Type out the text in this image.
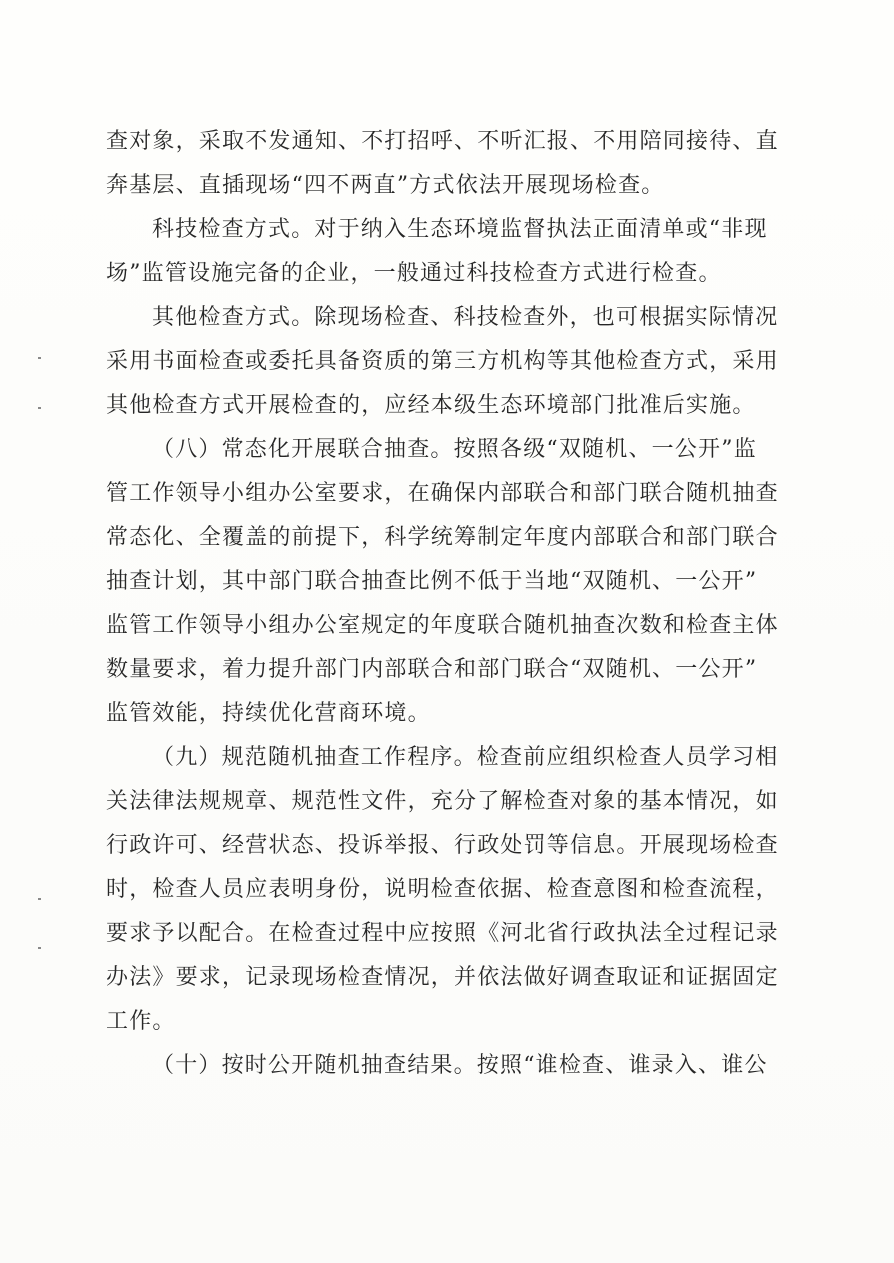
查对象，采取不发通知、不打招呼、不听汇报、不用陪同接待、直
奔基层、直插现场“四不两直”方式依法开展现场检查。
科技检查方式。对于纳入生态环境监督执法正面清单或“非现
场”监管设施完备的企业，一般通过科技检查方式进行检查。
其他检查方式。除现场检查、科技检查外，也可根据实际情况
采用书面检查或委托具备资质的第三方机构等其他检查方式，采用
其他检查方式开展检查的，应经本级生态环境部门批准后实施。
（八）常态化开展联合抽查。按照各级“双随机、一公开”监
管工作领导小组办公室要求，在确保内部联合和部门联合随机抽查
常态化、全覆盖的前提下，科学统筹制定年度内部联合和部门联合
抽查计划，其中部门联合抽查比例不低于当地“双随机、一公开”
监管工作领导小组办公室规定的年度联合随机抽查次数和检查主体
数量要求，着力提升部门内部联合和部门联合“双随机、一公开”
监管效能，持续优化营商环境。
（九）规范随机抽查工作程序。检查前应组织检查人员学习相
关法律法规规章、规范性文件，充分了解检查对象的基本情况，如
行政许可、经营状态、投诉举报、行政处罚等信息。开展现场检查
时，检查人员应表明身份，说明检查依据、检查意图和检查流程，
要求予以配合。在检查过程中应按照《河北省行政执法全过程记录
办法》要求，记录现场检查情况，并依法做好调查取证和证据固定
工作。
（十）按时公开随机抽查结果。按照“谁检查、谁录入、谁公
